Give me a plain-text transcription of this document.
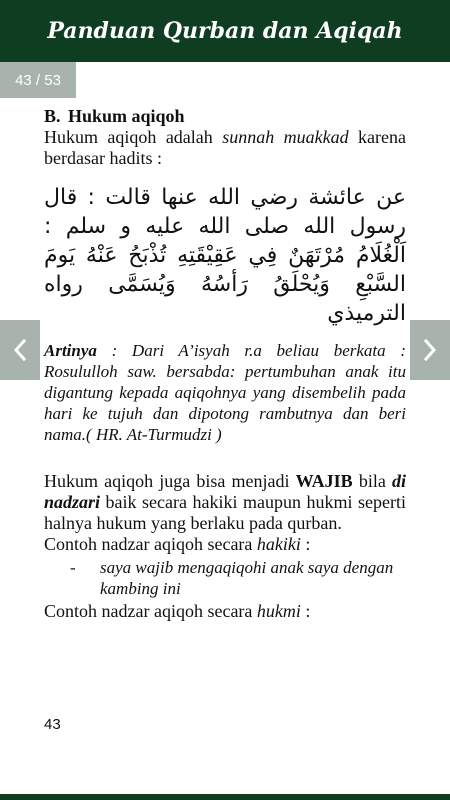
Panduan Qurban dan Aqiqah
43 / 53
B. Hukum aqiqoh
Hukum aqiqoh adalah sunnah muakkad karena berdasar hadits :
عن عائشة رضي الله عنها قالت : قال رسول الله صلى الله عليه و سلم : اَلْغُلَامُ مُرْتَهَنٌ فِي عَقِيْقَتِهِ تُذْبَحُ عَنْهُ يَومَ السَّبْعِ وَيُحْلَقُ رَأسُهُ وَيُسَمَّى رواه الترميذي
Artinya : Dari A’isyah r.a beliau berkata : Rosululloh saw. bersabda: pertumbuhan anak itu digantung kepada aqiqohnya yang disembelih pada hari ke tujuh dan dipotong rambutnya dan beri nama.( HR. At-Turmudzi )
Hukum aqiqoh juga bisa menjadi WAJIB bila di nadzari baik secara hakiki maupun hukmi seperti halnya hukum yang berlaku pada qurban.
Contoh nadzar aqiqoh secara hakiki :
-	saya wajib mengaqiqohi anak saya dengan kambing ini
Contoh nadzar aqiqoh secara hukmi :
43
